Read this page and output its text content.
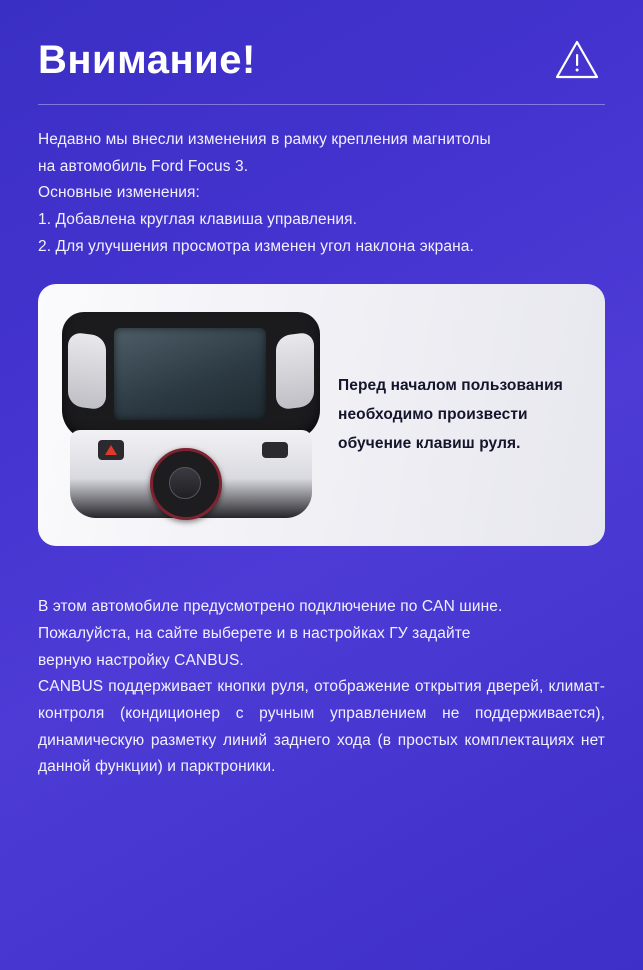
Внимание!

Недавно мы внесли изменения в рамку крепления магнитолы

на автомобиль Ford Focus 3.

Основные изменения:

1. Добавлена круглая клавиша управления.

2. Для улучшения просмотра изменен угол наклона экрана.

Перед началом пользования
необходимо произвести
обучение клавиш руля.

В этом автомобиле предусмотрено подключение по CAN шине.

Пожалуйста, на сайте выберете и в настройках ГУ задайте

верную настройку CANBUS.

CANBUS поддерживает кнопки руля, отображение открытия дверей, климат-контроля (кондиционер с ручным управлением не поддерживается), динамическую разметку линий заднего хода (в простых комплектациях нет данной функции) и парктроники.
